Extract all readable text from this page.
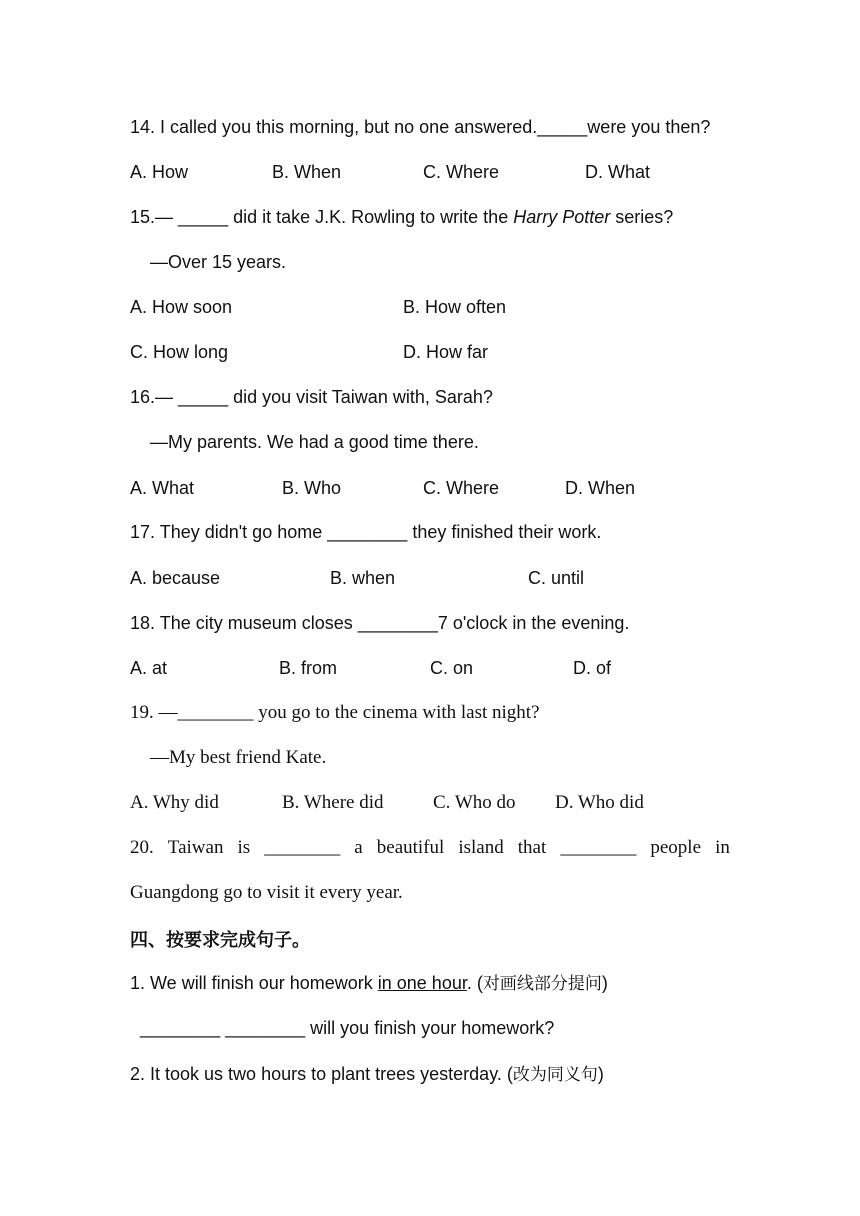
14. I called you this morning, but no one answered._____were you then?
A. How	B. When	C. Where	D. What
15.— _____ did it take J.K. Rowling to write the Harry Potter series?
—Over 15 years.
A. How soon	B. How often
C. How long	D. How far
16.— _____ did you visit Taiwan with, Sarah?
—My parents. We had a good time there.
A. What	B. Who	C. Where	D. When
17. They didn't go home ________ they finished their work.
A. because	B. when	C. until
18. The city museum closes ________7 o'clock in the evening.
A. at	B. from	C. on	D. of
19. —________ you go to the cinema with last night?
—My best friend Kate.
A. Why did	B. Where did	C. Who do D. Who did
20. Taiwan is ________ a beautiful island that ________ people in
Guangdong go to visit it every year.
四、按要求完成句子。
1. We will finish our homework in one hour. (对画线部分提问)
________ ________ will you finish your homework?
2. It took us two hours to plant trees yesterday. (改为同义句)
